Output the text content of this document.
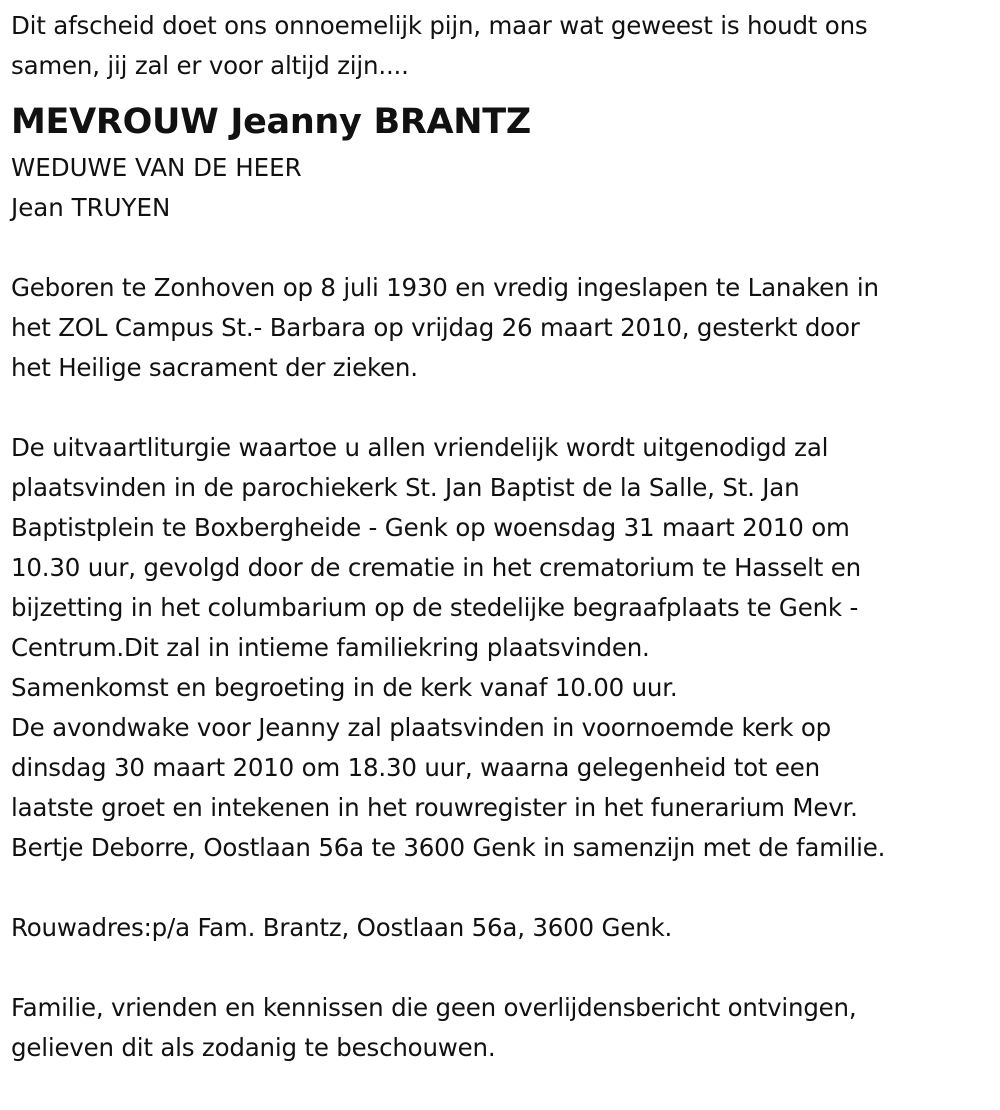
Dit afscheid doet ons onnoemelijk pijn, maar wat geweest is houdt ons
samen, jij zal er voor altijd zijn....
MEVROUW Jeanny BRANTZ
WEDUWE VAN DE HEER
Jean TRUYEN
Geboren te Zonhoven op 8 juli 1930 en vredig ingeslapen te Lanaken in
het ZOL Campus St.- Barbara op vrijdag 26 maart 2010, gesterkt door
het Heilige sacrament der zieken.
De uitvaartliturgie waartoe u allen vriendelijk wordt uitgenodigd zal
plaatsvinden in de parochiekerk St. Jan Baptist de la Salle, St. Jan
Baptistplein te Boxbergheide - Genk op woensdag 31 maart 2010 om
10.30 uur, gevolgd door de crematie in het crematorium te Hasselt en
bijzetting in het columbarium op de stedelijke begraafplaats te Genk -
Centrum.Dit zal in intieme familiekring plaatsvinden.
Samenkomst en begroeting in de kerk vanaf 10.00 uur.
De avondwake voor Jeanny zal plaatsvinden in voornoemde kerk op
dinsdag 30 maart 2010 om 18.30 uur, waarna gelegenheid tot een
laatste groet en intekenen in het rouwregister in het funerarium Mevr.
Bertje Deborre, Oostlaan 56a te 3600 Genk in samenzijn met de familie.
Rouwadres:p/a Fam. Brantz, Oostlaan 56a, 3600 Genk.
Familie, vrienden en kennissen die geen overlijdensbericht ontvingen,
gelieven dit als zodanig te beschouwen.
